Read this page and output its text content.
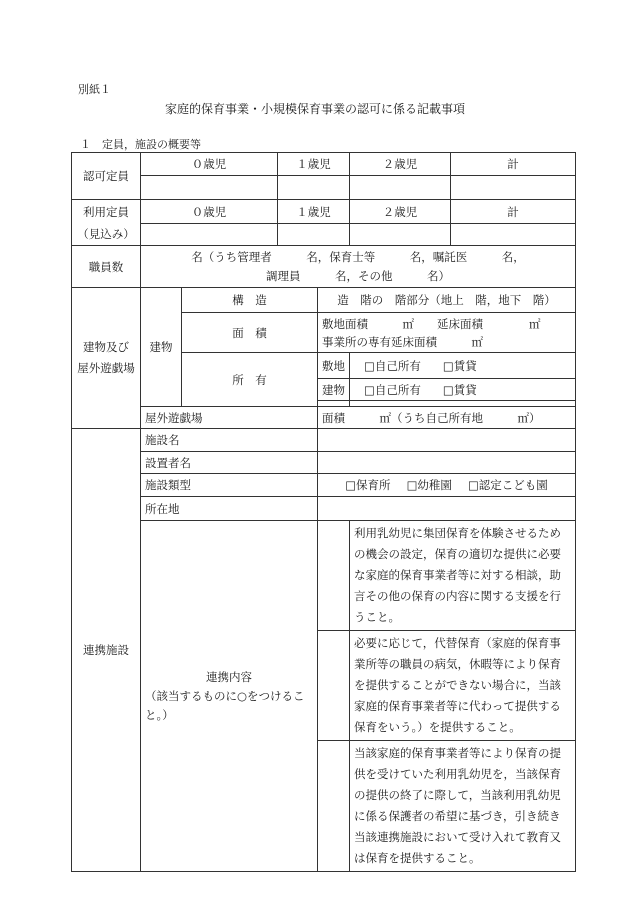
別紙１
家庭的保育事業・小規模保育事業の認可に係る記載事項
１　定員，施設の概要等
認可定員	０歳児		１歳児		２歳児	計

利用定員
（見込み）	０歳児		１歳児		２歳児	計

職員数	名（うち管理者　　　名，保育士等　　　名，嘱託医　　　名，
調理員　　　名，その他　　　名）					
建物及び
屋外遊戯場	建物	構　造		造　階の　階部分（地上　階，地下　階）		
		面　積		敷地面積　　　㎡　　延床面積　　　　㎡
事業所の専有延床面積　　　㎡		
		所　有		敷地	□自己所有 □賃貸	
				建物	□自己所有 □賃貸	

	屋外遊戯場			面積　　　㎡（うち自己所有地　　　㎡）		
連携施設	施設名					
	設置者名					
	施設類型			□保育所 □幼稚園 □認定こども園		
	所在地					
	連携内容
（該当するものに○をつけること。）				利用乳幼児に集団保育を体験させるための機会の設定，保育の適切な提供に必要な家庭的保育事業者等に対する相談，助言その他の保育の内容に関する支援を行うこと。	
					必要に応じて，代替保育（家庭的保育事業所等の職員の病気，休暇等により保育を提供することができない場合に，当該家庭的保育事業者等に代わって提供する保育をいう。）を提供すること。	
					当該家庭的保育事業者等により保育の提供を受けていた利用乳幼児を，当該保育の提供の終了に際して，当該利用乳幼児に係る保護者の希望に基づき，引き続き当該連携施設において受け入れて教育又は保育を提供すること。	
